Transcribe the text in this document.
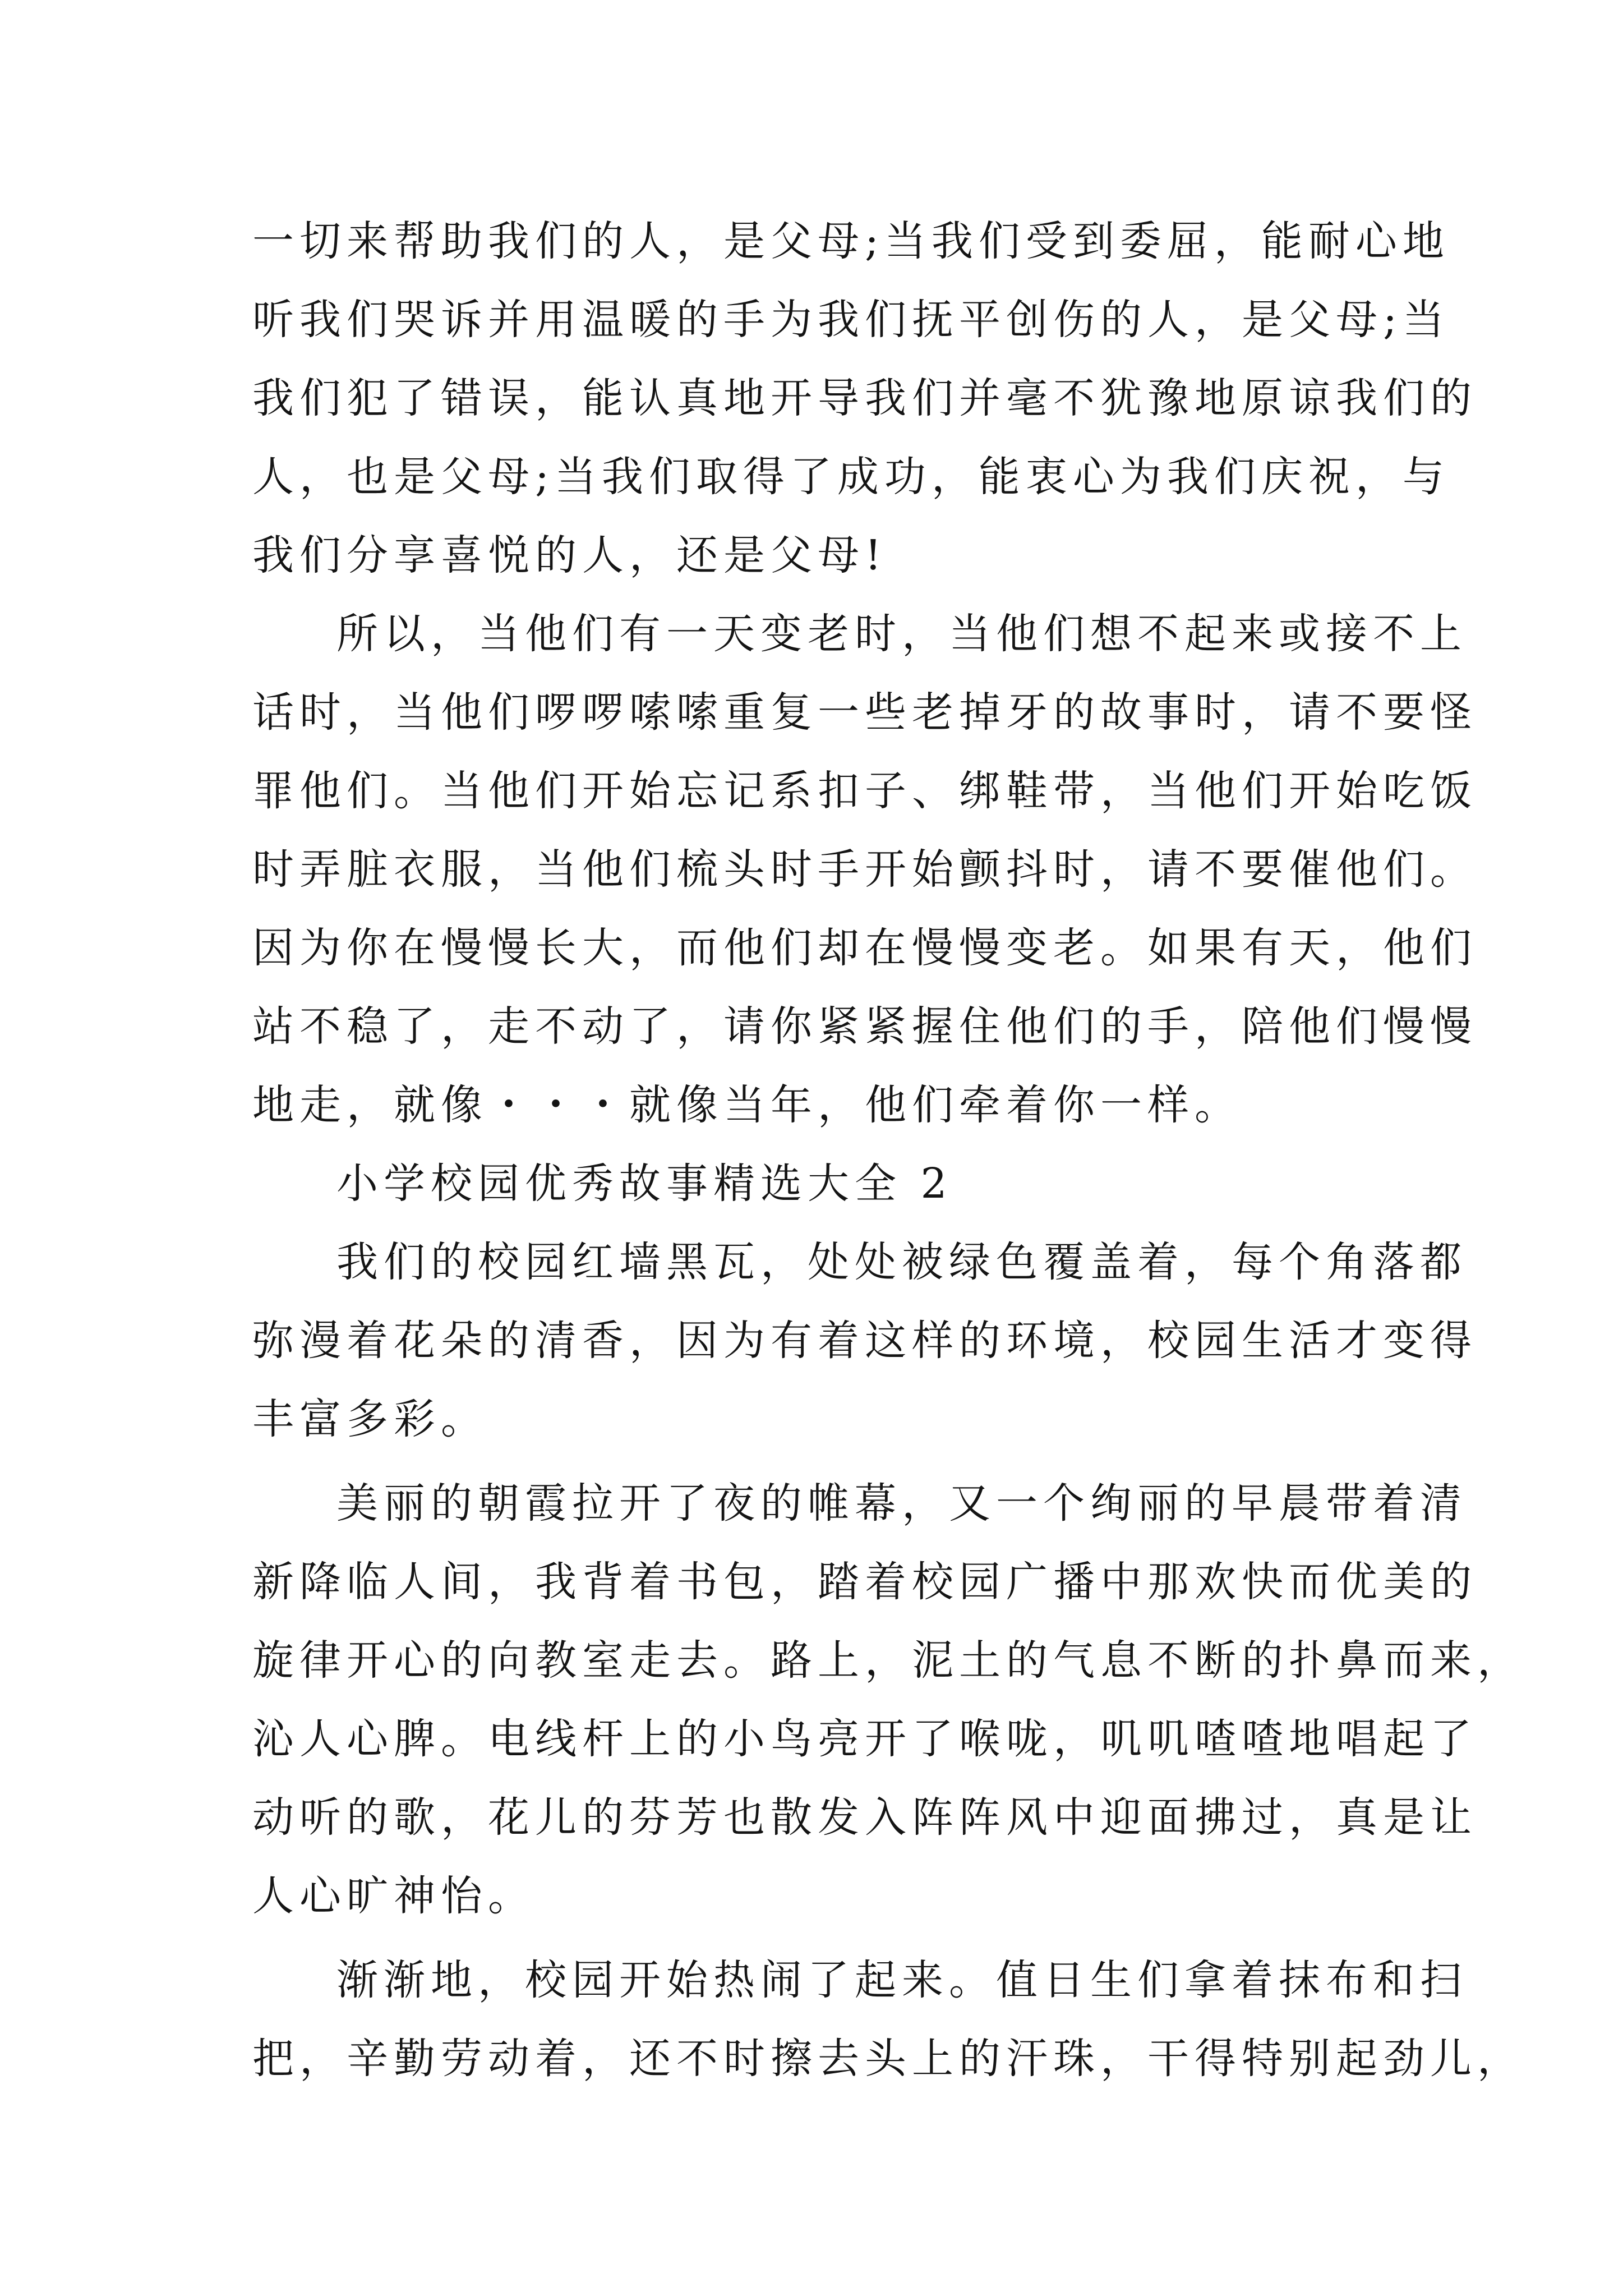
一切来帮助我们的人，是父母;当我们受到委屈，能耐心地
听我们哭诉并用温暖的手为我们抚平创伤的人，是父母;当
我们犯了错误，能认真地开导我们并毫不犹豫地原谅我们的
人，也是父母;当我们取得了成功，能衷心为我们庆祝，与
我们分享喜悦的人，还是父母!
所以，当他们有一天变老时，当他们想不起来或接不上
话时，当他们啰啰嗦嗦重复一些老掉牙的故事时，请不要怪
罪他们。当他们开始忘记系扣子、绑鞋带，当他们开始吃饭
时弄脏衣服，当他们梳头时手开始颤抖时，请不要催他们。
因为你在慢慢长大，而他们却在慢慢变老。如果有天，他们
站不稳了，走不动了，请你紧紧握住他们的手，陪他们慢慢
地走，就像・・・就像当年，他们牵着你一样。
小学校园优秀故事精选大全 2
我们的校园红墙黑瓦，处处被绿色覆盖着，每个角落都
弥漫着花朵的清香，因为有着这样的环境，校园生活才变得
丰富多彩。
美丽的朝霞拉开了夜的帷幕，又一个绚丽的早晨带着清
新降临人间，我背着书包，踏着校园广播中那欢快而优美的
旋律开心的向教室走去。路上，泥土的气息不断的扑鼻而来，
沁人心脾。电线杆上的小鸟亮开了喉咙，叽叽喳喳地唱起了
动听的歌，花儿的芬芳也散发入阵阵风中迎面拂过，真是让
人心旷神怡。
渐渐地，校园开始热闹了起来。值日生们拿着抹布和扫
把，辛勤劳动着，还不时擦去头上的汗珠，干得特别起劲儿，
